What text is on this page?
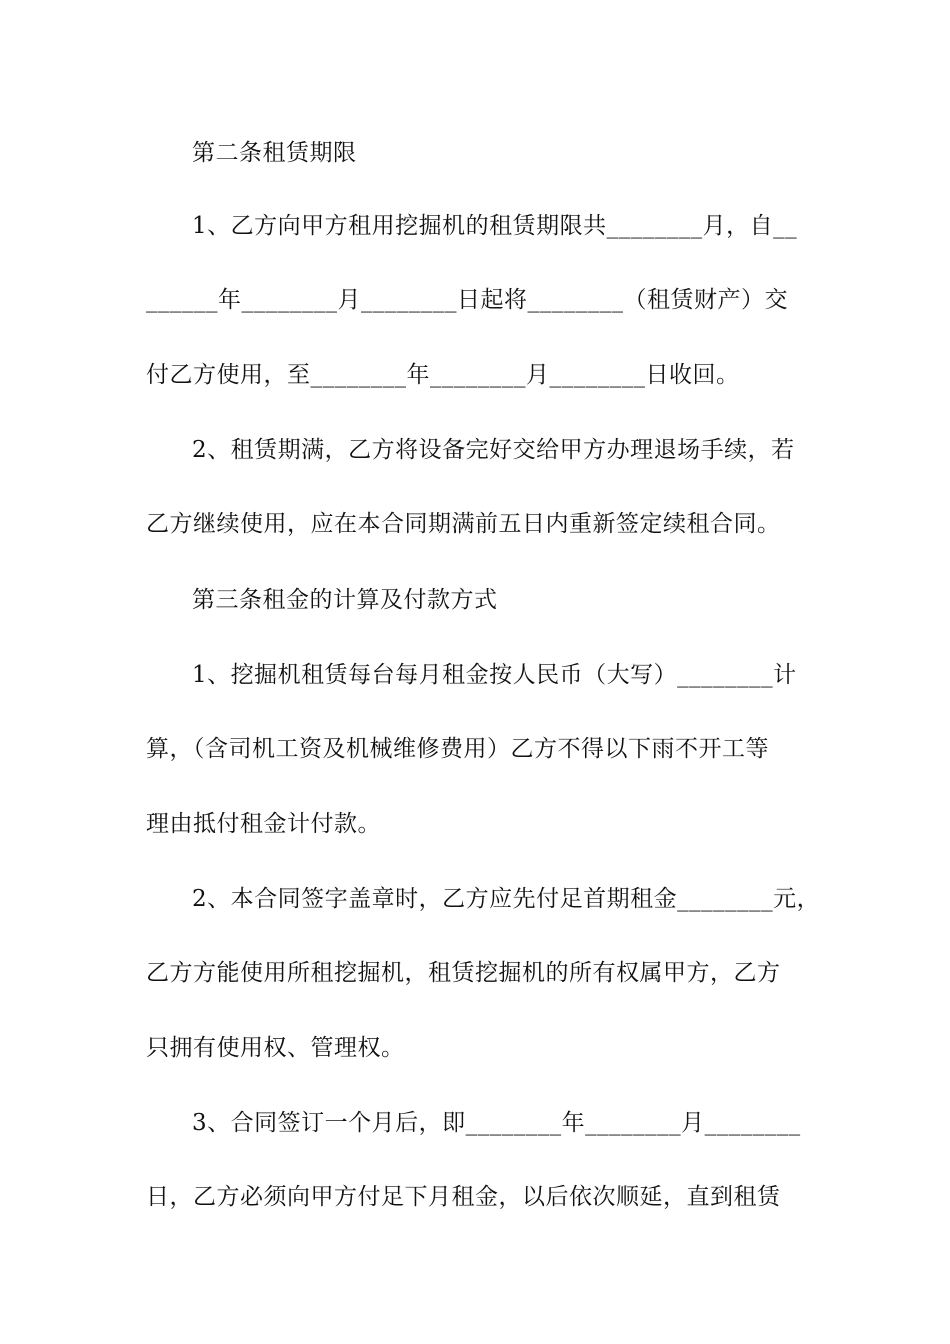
第二条租赁期限
1、乙方向甲方租用挖掘机的租赁期限共________月，自__
______年________月________日起将________（租赁财产）交
付乙方使用，至________年________月________日收回。
2、租赁期满，乙方将设备完好交给甲方办理退场手续，若
乙方继续使用，应在本合同期满前五日内重新签定续租合同。
第三条租金的计算及付款方式
1、挖掘机租赁每台每月租金按人民币（大写）________计
算，（含司机工资及机械维修费用）乙方不得以下雨不开工等
理由抵付租金计付款。
2、本合同签字盖章时，乙方应先付足首期租金________元，
乙方方能使用所租挖掘机，租赁挖掘机的所有权属甲方，乙方
只拥有使用权、管理权。
3、合同签订一个月后，即________年________月________
日，乙方必须向甲方付足下月租金，以后依次顺延，直到租赁
